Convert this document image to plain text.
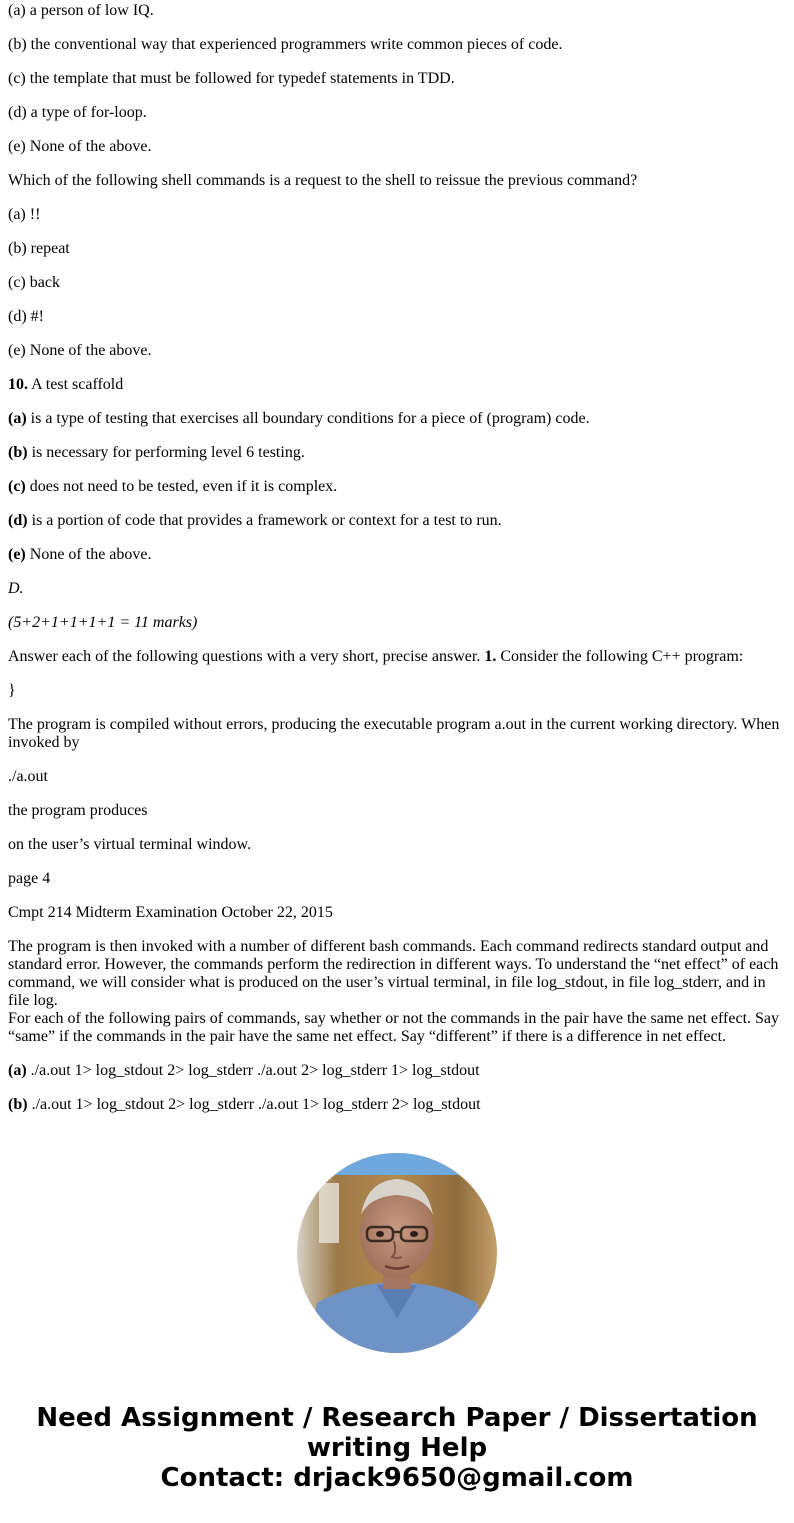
(a) a person of low IQ.
(b) the conventional way that experienced programmers write common pieces of code.
(c) the template that must be followed for typedef statements in TDD.
(d) a type of for-loop.
(e) None of the above.
Which of the following shell commands is a request to the shell to reissue the previous command?
(a) !!
(b) repeat
(c) back
(d) #!
(e) None of the above.
10. A test scaffold
(a) is a type of testing that exercises all boundary conditions for a piece of (program) code.
(b) is necessary for performing level 6 testing.
(c) does not need to be tested, even if it is complex.
(d) is a portion of code that provides a framework or context for a test to run.
(e) None of the above.
D.
(5+2+1+1+1+1 = 11 marks)
Answer each of the following questions with a very short, precise answer. 1. Consider the following C++ program:
}
The program is compiled without errors, producing the executable program a.out in the current working directory. When invoked by
./a.out
the program produces
on the user’s virtual terminal window.
page 4
Cmpt 214 Midterm Examination October 22, 2015
The program is then invoked with a number of different bash commands. Each command redirects standard output and standard error. However, the commands perform the redirection in different ways. To understand the “net effect” of each command, we will consider what is produced on the user’s virtual terminal, in file log_stdout, in file log_stderr, and in file log.
For each of the following pairs of commands, say whether or not the commands in the pair have the same net effect. Say “same” if the commands in the pair have the same net effect. Say “different” if there is a difference in net effect.
(a) ./a.out 1> log_stdout 2> log_stderr ./a.out 2> log_stderr 1> log_stdout
(b) ./a.out 1> log_stdout 2> log_stderr ./a.out 1> log_stderr 2> log_stdout
Need Assignment / Research Paper / Dissertation
writing Help
Contact: drjack9650@gmail.com
